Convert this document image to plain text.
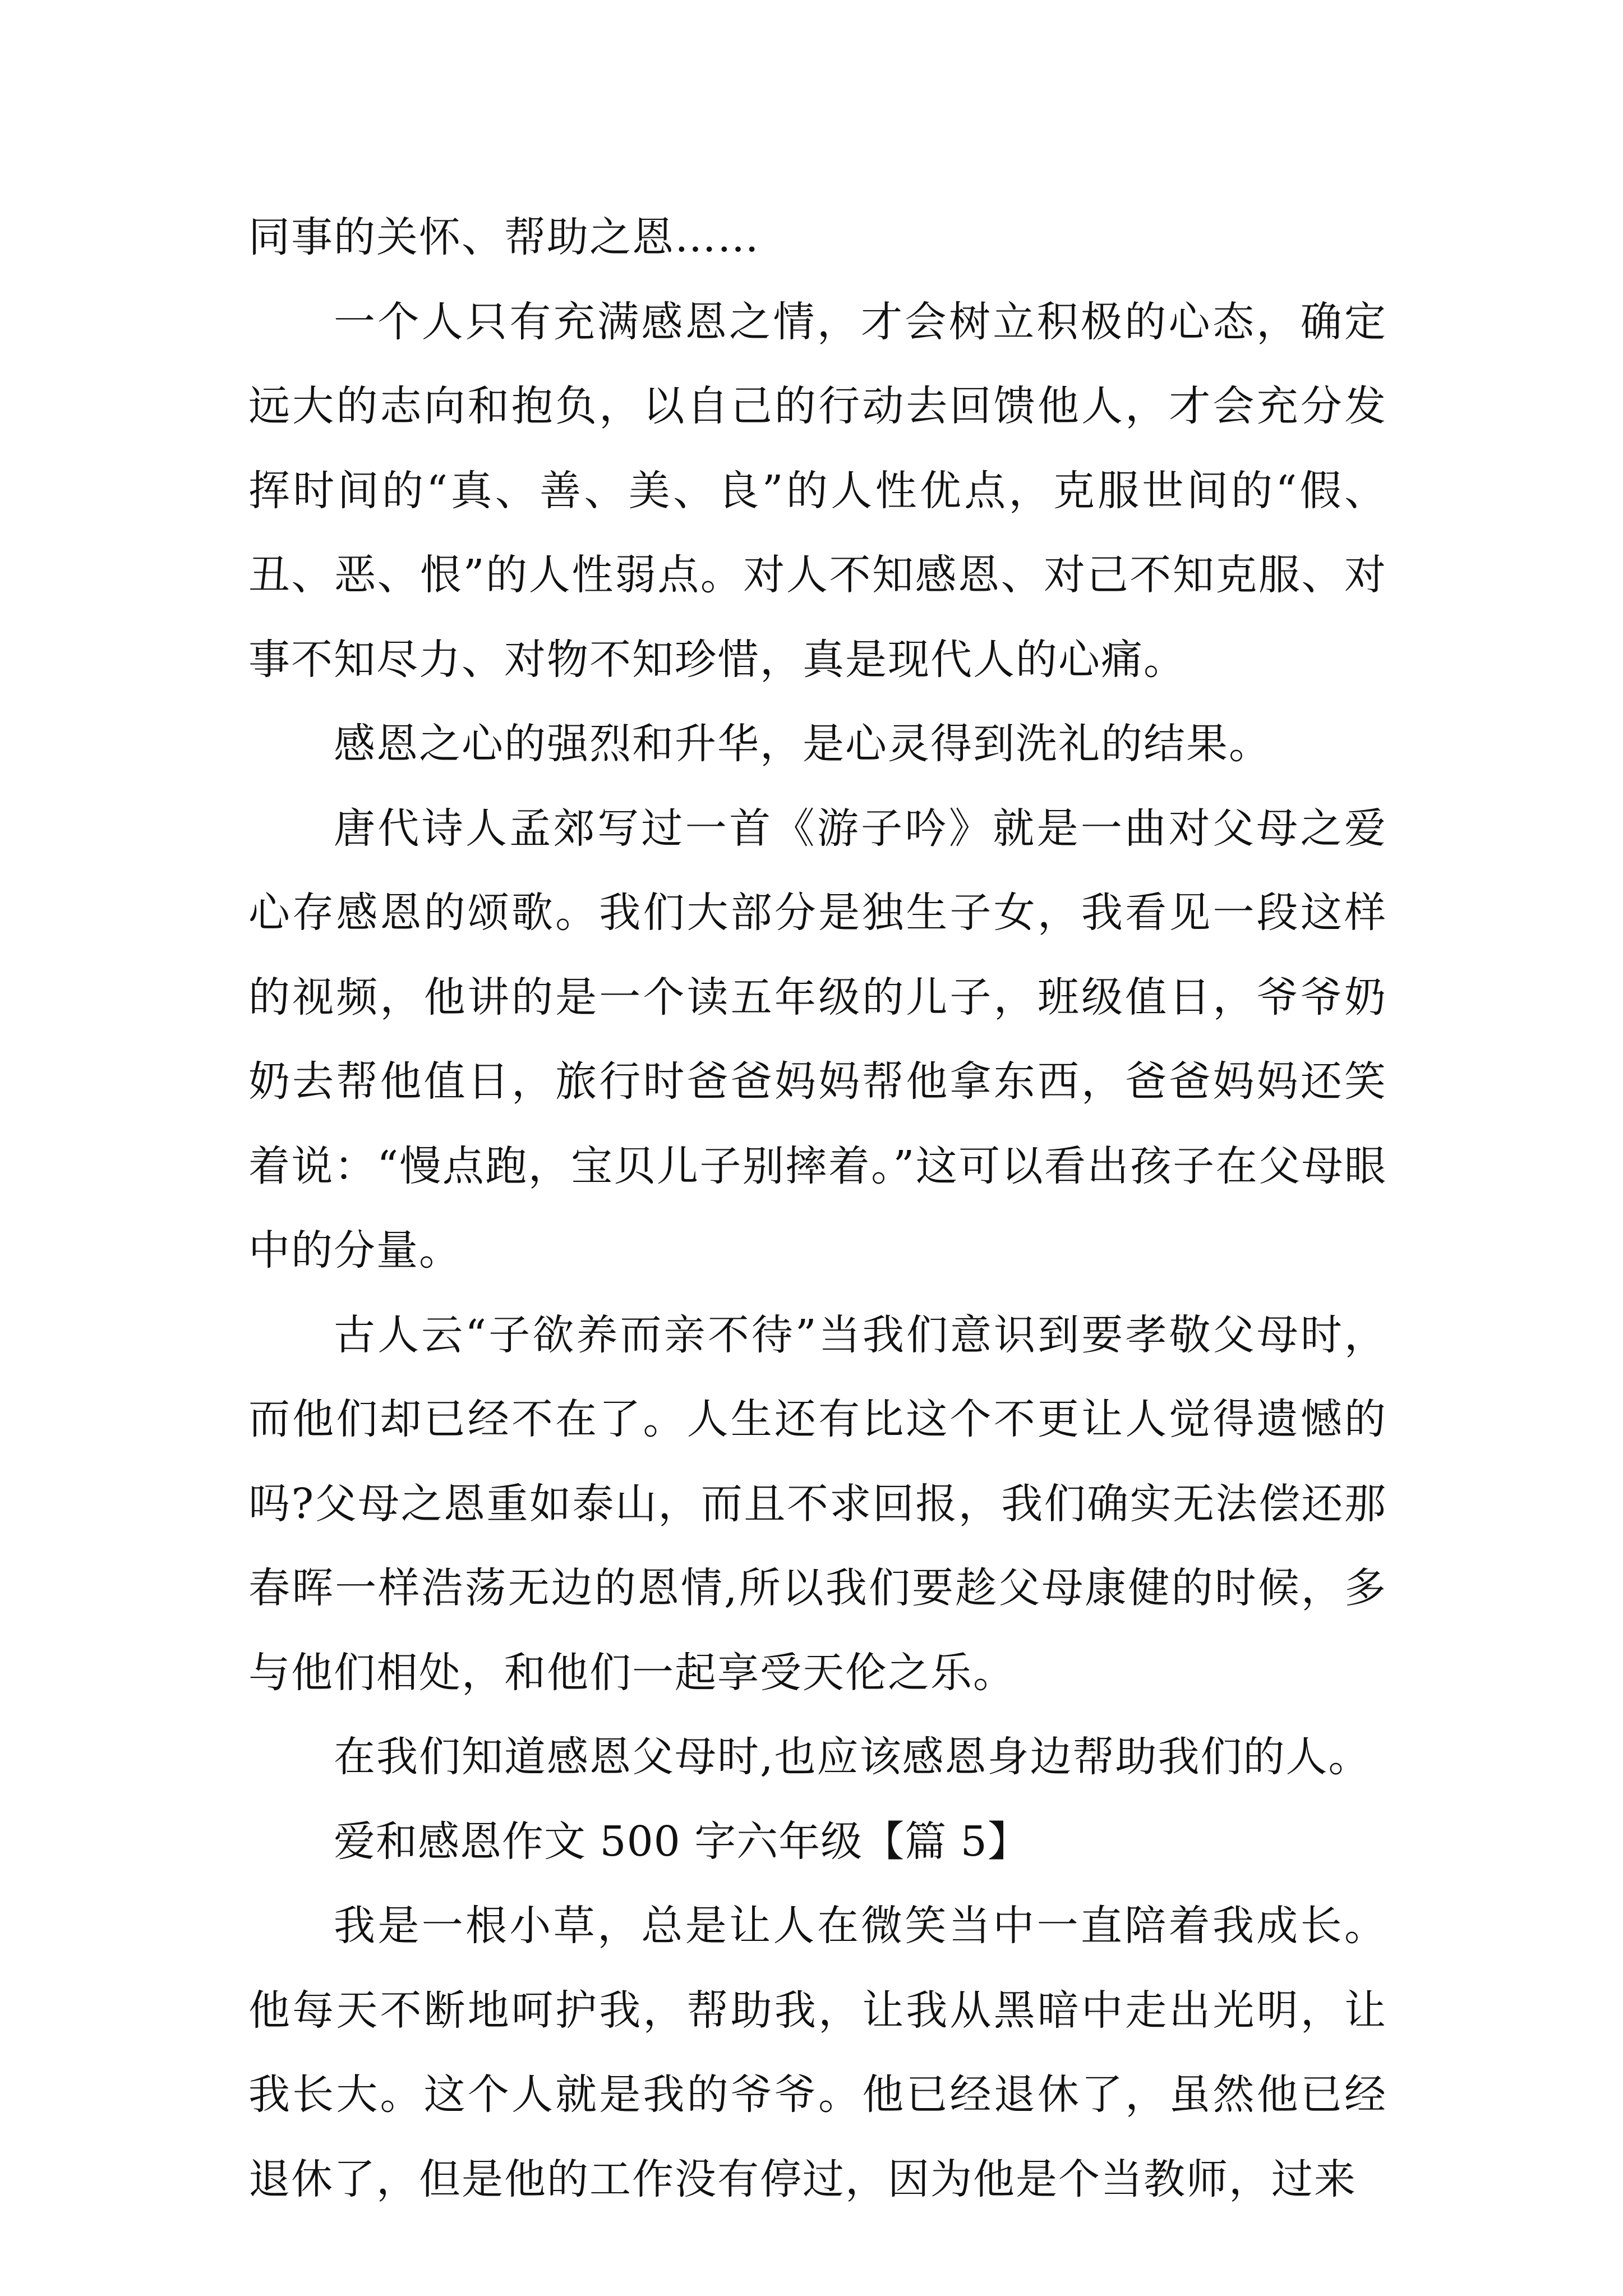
同事的关怀、帮助之恩……

一个人只有充满感恩之情，才会树立积极的心态，确定远大的志向和抱负，以自己的行动去回馈他人，才会充分发挥时间的“真、善、美、良”的人性优点，克服世间的“假、丑、恶、恨”的人性弱点。对人不知感恩、对己不知克服、对事不知尽力、对物不知珍惜，真是现代人的心痛。

感恩之心的强烈和升华，是心灵得到洗礼的结果。

唐代诗人孟郊写过一首《游子吟》就是一曲对父母之爱心存感恩的颂歌。我们大部分是独生子女，我看见一段这样的视频，他讲的是一个读五年级的儿子，班级值日，爷爷奶奶去帮他值日，旅行时爸爸妈妈帮他拿东西，爸爸妈妈还笑着说：“慢点跑，宝贝儿子别摔着。”这可以看出孩子在父母眼中的分量。

古人云“子欲养而亲不待”当我们意识到要孝敬父母时，而他们却已经不在了。人生还有比这个不更让人觉得遗憾的吗?父母之恩重如泰山，而且不求回报，我们确实无法偿还那春晖一样浩荡无边的恩情,所以我们要趁父母康健的时候，多与他们相处，和他们一起享受天伦之乐。

在我们知道感恩父母时,也应该感恩身边帮助我们的人。

爱和感恩作文 500 字六年级【篇 5】

我是一根小草，总是让人在微笑当中一直陪着我成长。他每天不断地呵护我，帮助我，让我从黑暗中走出光明，让我长大。这个人就是我的爷爷。他已经退休了，虽然他已经退休了，但是他的工作没有停过，因为他是个当教师，过来
